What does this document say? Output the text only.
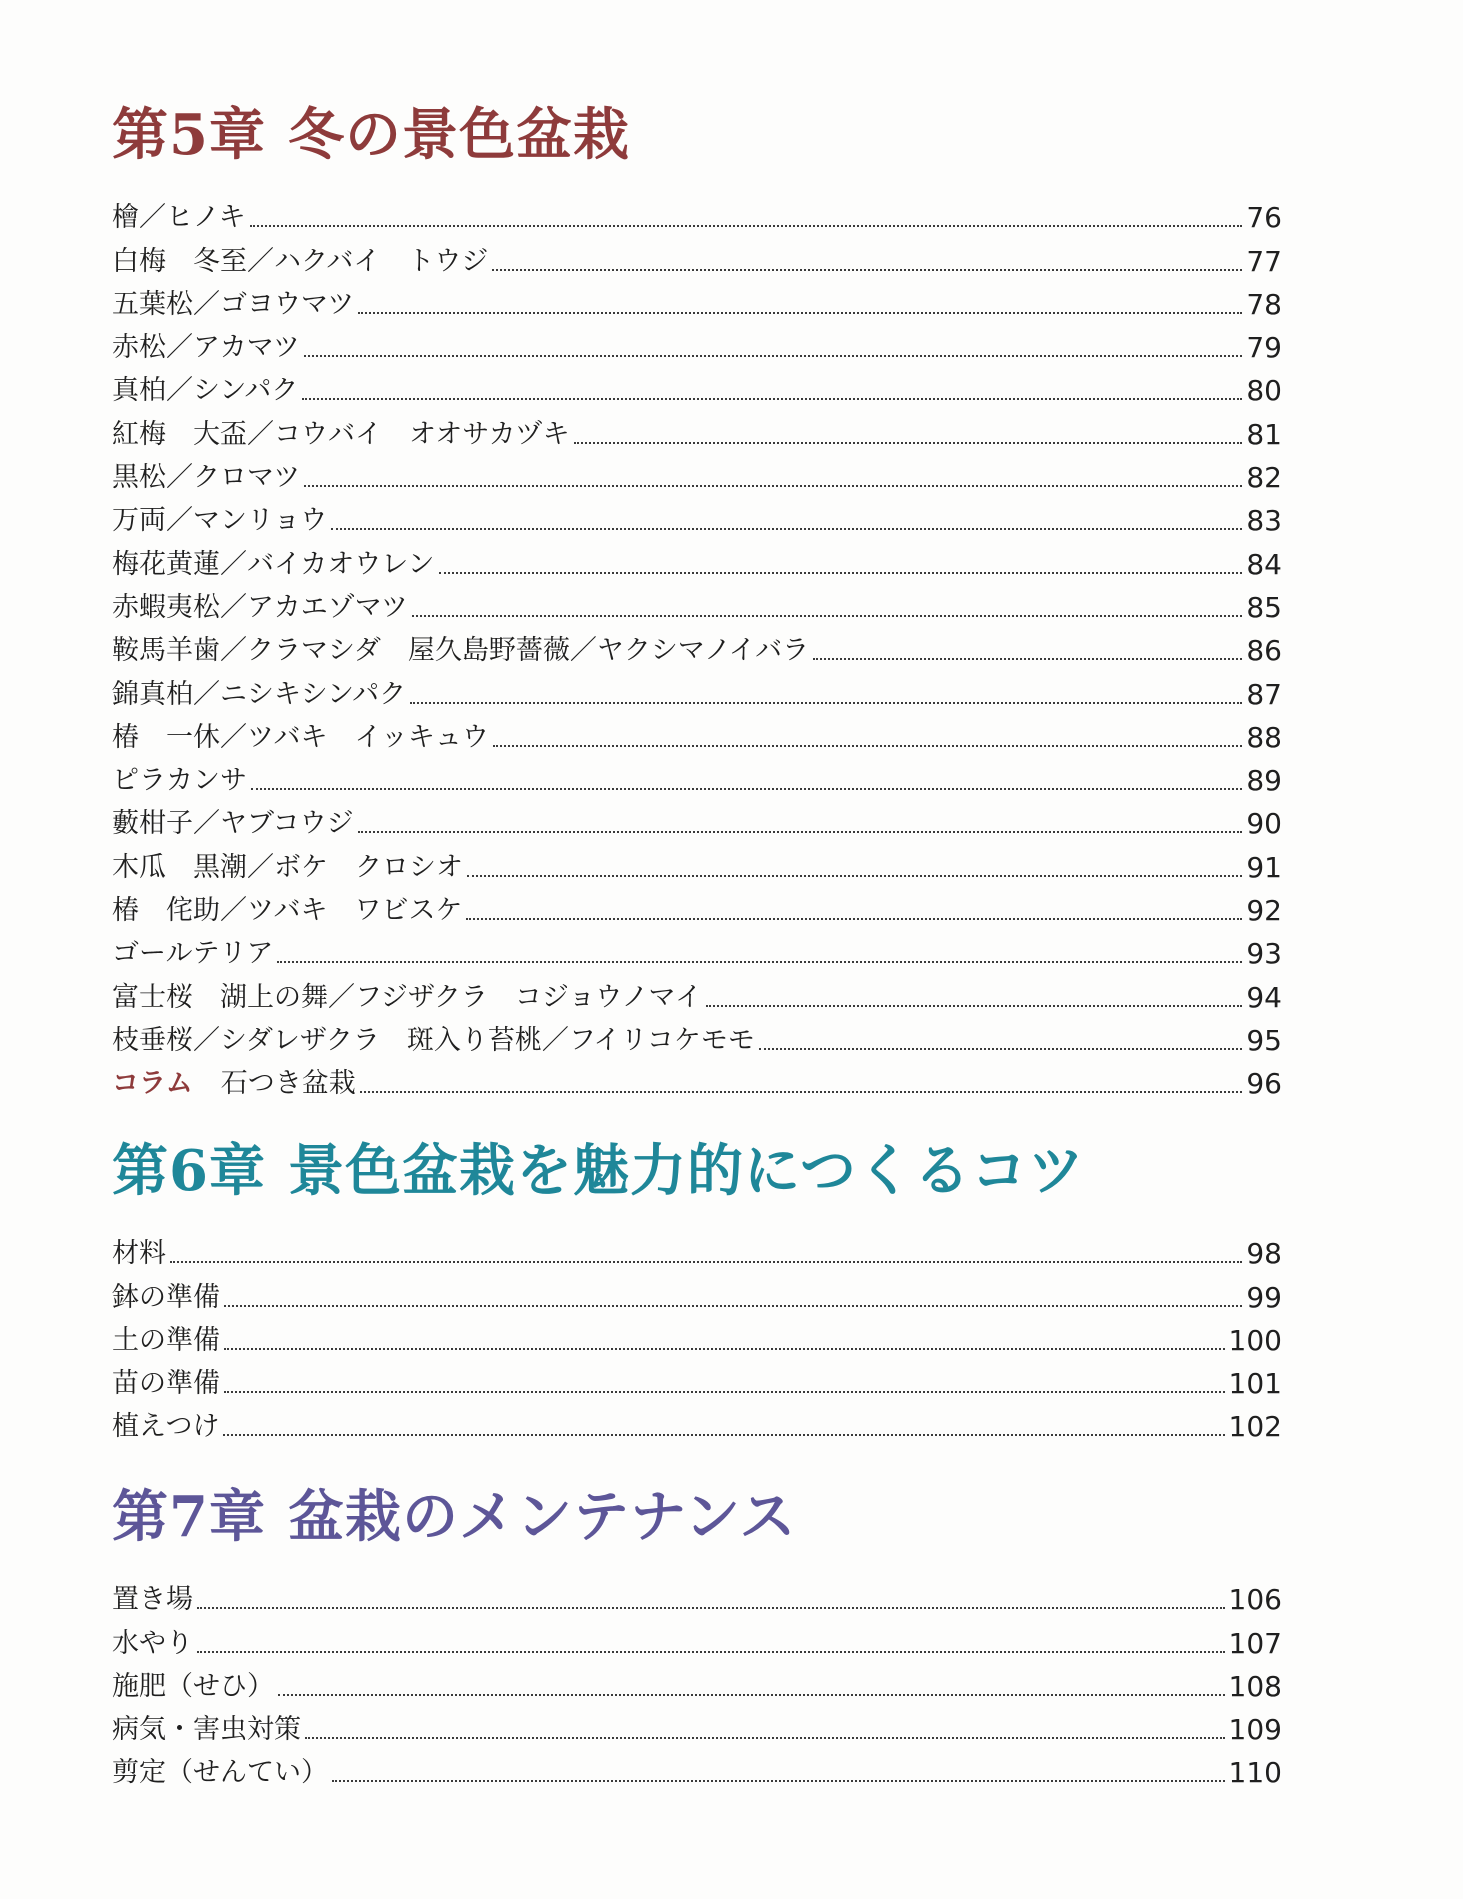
第5章 冬の景色盆栽
檜／ヒノキ	76
白梅　冬至／ハクバイ　トウジ	77
五葉松／ゴヨウマツ	78
赤松／アカマツ	79
真柏／シンパク	80
紅梅　大盃／コウバイ　オオサカヅキ	81
黒松／クロマツ	82
万両／マンリョウ	83
梅花黄蓮／バイカオウレン	84
赤蝦夷松／アカエゾマツ	85
鞍馬羊歯／クラマシダ　屋久島野薔薇／ヤクシマノイバラ	86
錦真柏／ニシキシンパク	87
椿　一休／ツバキ　イッキュウ	88
ピラカンサ	89
藪柑子／ヤブコウジ	90
木瓜　黒潮／ボケ　クロシオ	91
椿　侘助／ツバキ　ワビスケ	92
ゴールテリア	93
富士桜　湖上の舞／フジザクラ　コジョウノマイ	94
枝垂桜／シダレザクラ　斑入り苔桃／フイリコケモモ	95
コラム 石つき盆栽	96
第6章 景色盆栽を魅力的につくるコツ
材料	98
鉢の準備	99
土の準備	100
苗の準備	101
植えつけ	102
第7章 盆栽のメンテナンス
置き場	106
水やり	107
施肥（せひ）	108
病気・害虫対策	109
剪定（せんてい）	110
